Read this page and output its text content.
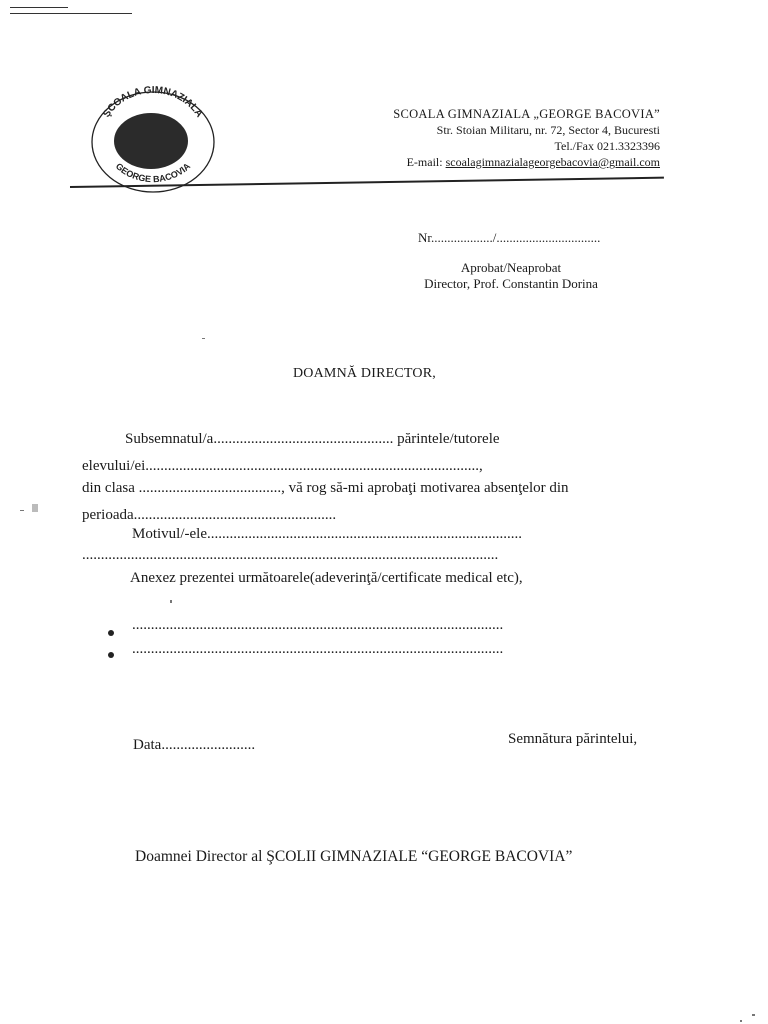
ŞCOALA GIMNAZIALA
GEORGE BACOVIA
SCOALA GIMNAZIALA „GEORGE BACOVIA”
Str. Stoian Militaru, nr. 72, Sector 4, Bucuresti
Tel./Fax 021.3323396
E-mail: scoalagimnazialageorgebacovia@gmail.com
Nr.................../................................
Aprobat/Neaprobat
Director, Prof. Constantin Dorina
DOAMNĂ DIRECTOR,
Subsemnatul/a................................................ părintele/tutorele
elevului/ei.........................................................................................,
din clasa ......................................, vă rog să-mi aprobaţi motivarea absenţelor din
perioada......................................................
Motivul/-ele....................................................................................
...............................................................................................................
Anexez prezentei următoarele(adeverinţă/certificate medical etc),
...................................................................................................
...................................................................................................
Data.........................	Semnătura părintelui,
Doamnei Director al ŞCOLII GIMNAZIALE “GEORGE BACOVIA”
